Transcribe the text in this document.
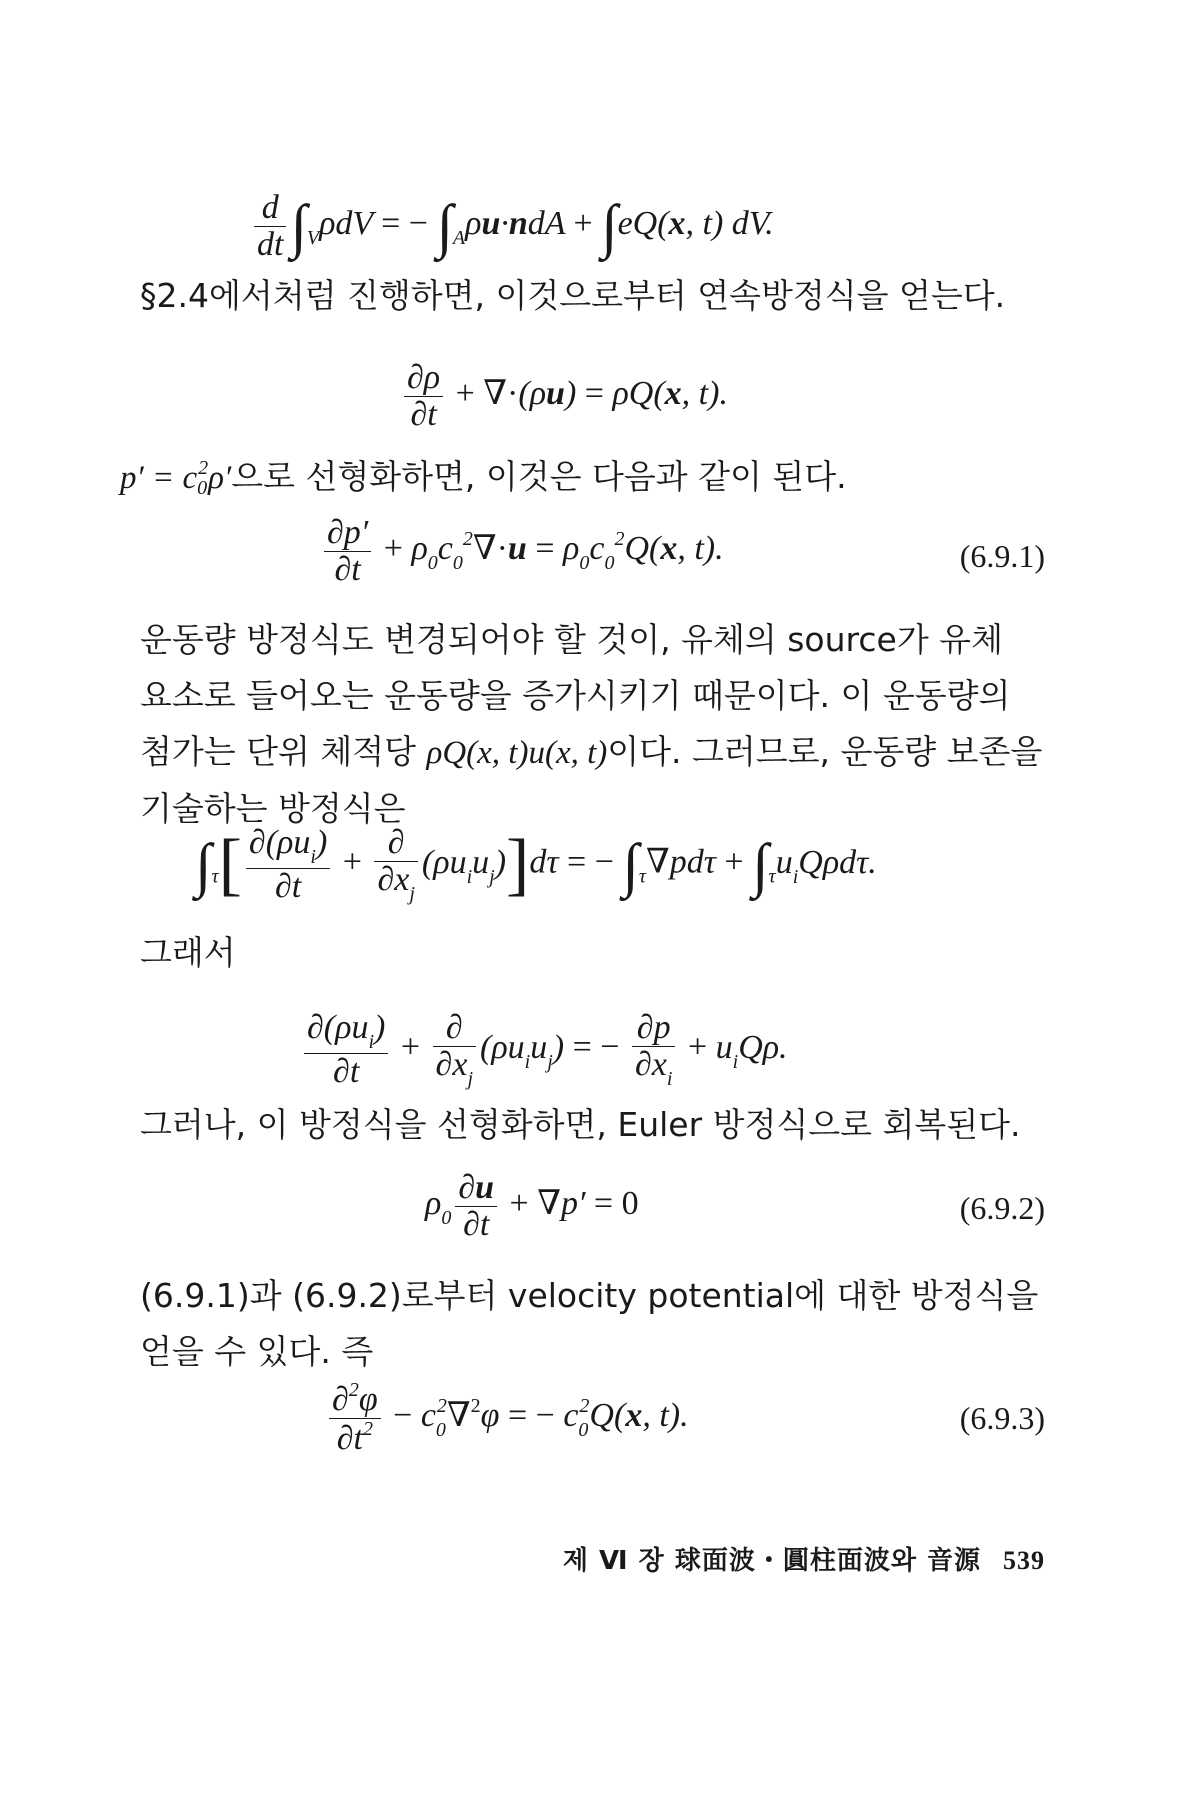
$\frac{d}{dt} \int_V\rho dV$ = − $\int_A\rho u\cdot ndA + \int eQ(x$, t) dV.
§2.4에서처럼 진행하면, 이것으로부터 연속방정식을 얻는다.
$\frac{\partial\rho}{\partial t} + \nabla\cdot(\rho u) = \rho Q(x$, t).
$p' = c_0^2\rho'$으로 선형화하면, 이것은 다음과 같이 된다.
$\frac{\partial p'}{\partial t} + \rho_0c_0^2\nabla\cdot u = \rho_0c_0^2Q(x$, t).	(6.9.1)
운동량 방정식도 변경되어야 할 것이, 유체의 source가 유체 요소로 들어오는 운동량을 증가시키기 때문이다. 이 운동량의 첨가는 단위 체적당 ρQ(x, t)u(x, t)이다. 그러므로, 운동량 보존을 기술하는 방정식은
$\int_\tau[ \frac{\partial(\rho u_i)}{\partial t} + \frac{\partial}{\partial x_j} (\rho u_iu_j)]d\tau$ = − $\int_\tau\nabla pd\tau + \int_\tau u_iQ\rho d\tau$.
그래서
$\frac{\partial(\rho u_i)}{\partial t} + \frac{\partial}{\partial x_j} (\rho u_iu_j)$ = − $\frac{\partial p}{\partial x_i} + u_iQ\rho$.
그러나, 이 방정식을 선형화하면, Euler 방정식으로 회복된다.
$\rho_0 \frac{\partial u}{\partial t} + \nabla p' = 0$	(6.9.2)
(6.9.1)과 (6.9.2)로부터 velocity potential에 대한 방정식을 얻을 수 있다. 즉
$\frac{\partial^2\varphi}{\partial t^2} - c_0^2\nabla^2\varphi$ = − $c_0^2Q(x$, t).	(6.9.3)
제 Ⅵ 장 球面波・圓柱面波와 音源 539
